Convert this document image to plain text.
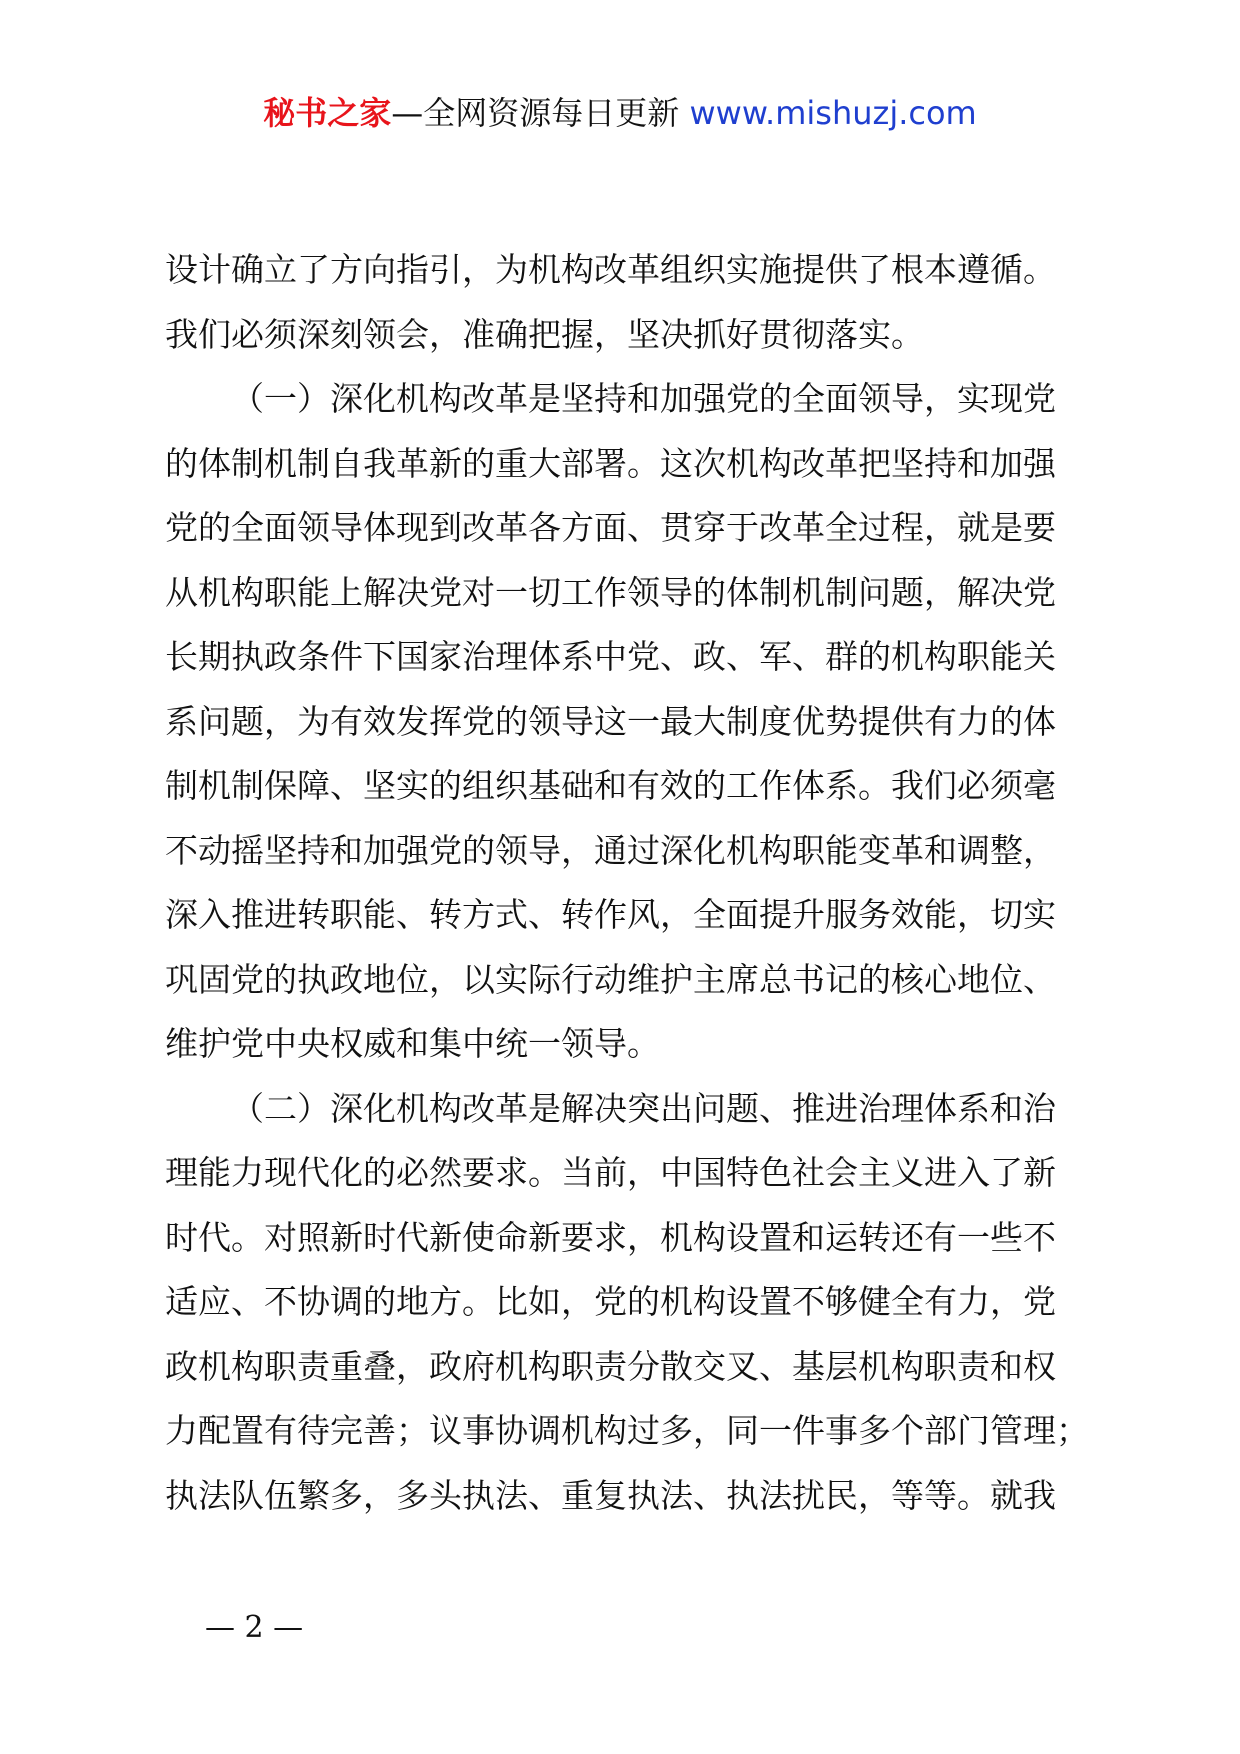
秘书之家—全网资源每日更新 www.mishuzj.com
设计确立了方向指引，为机构改革组织实施提供了根本遵循。
我们必须深刻领会，准确把握，坚决抓好贯彻落实。
（一）深化机构改革是坚持和加强党的全面领导，实现党
的体制机制自我革新的重大部署。这次机构改革把坚持和加强
党的全面领导体现到改革各方面、贯穿于改革全过程，就是要
从机构职能上解决党对一切工作领导的体制机制问题，解决党
长期执政条件下国家治理体系中党、政、军、群的机构职能关
系问题，为有效发挥党的领导这一最大制度优势提供有力的体
制机制保障、坚实的组织基础和有效的工作体系。我们必须毫
不动摇坚持和加强党的领导，通过深化机构职能变革和调整，
深入推进转职能、转方式、转作风，全面提升服务效能，切实
巩固党的执政地位，以实际行动维护主席总书记的核心地位、
维护党中央权威和集中统一领导。
（二）深化机构改革是解决突出问题、推进治理体系和治
理能力现代化的必然要求。当前，中国特色社会主义进入了新
时代。对照新时代新使命新要求，机构设置和运转还有一些不
适应、不协调的地方。比如，党的机构设置不够健全有力，党
政机构职责重叠，政府机构职责分散交叉、基层机构职责和权
力配置有待完善；议事协调机构过多，同一件事多个部门管理；
执法队伍繁多，多头执法、重复执法、执法扰民，等等。就我
— 2 —
